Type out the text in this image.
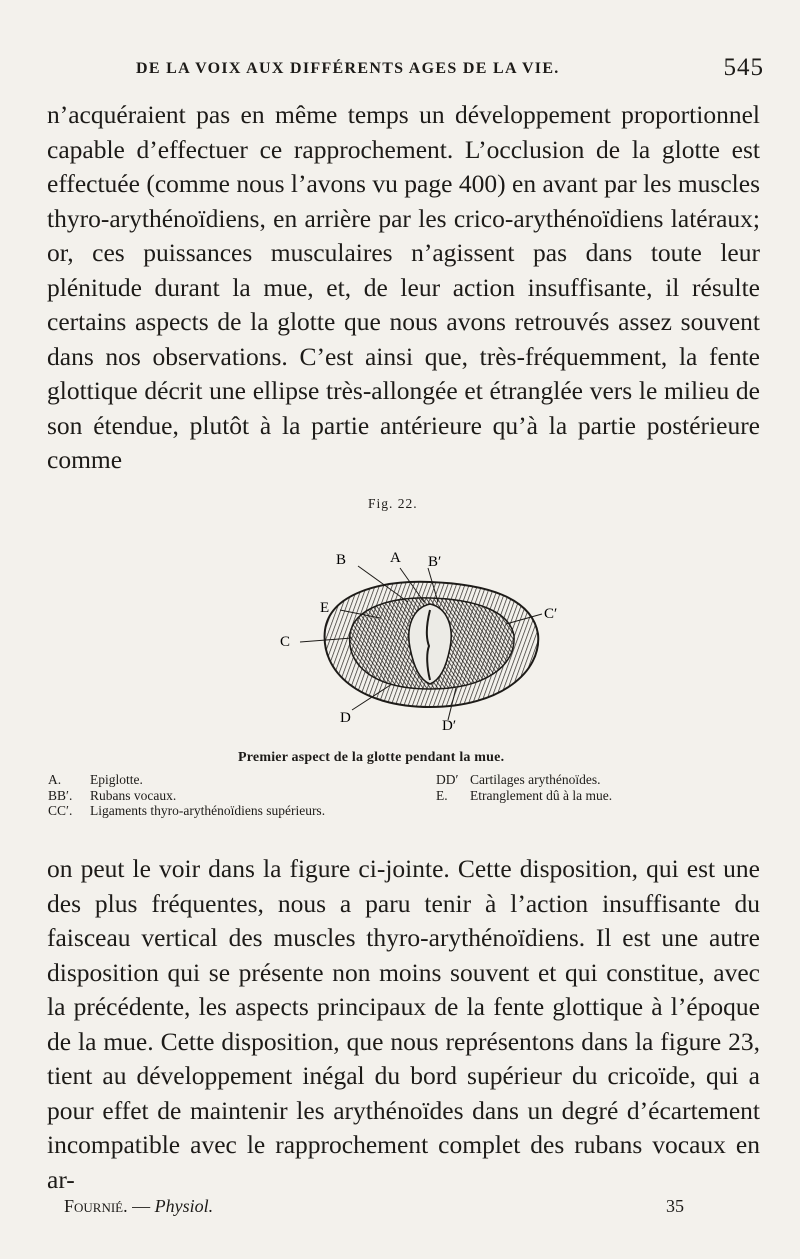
DE LA VOIX AUX DIFFÉRENTS AGES DE LA VIE.	545

n’acquéraient pas en même temps un développement proportionnel capable d’effectuer ce rapprochement. L’occlusion de la glotte est effectuée (comme nous l’avons vu page 400) en avant par les muscles thyro-arythénoïdiens, en arrière par les crico-arythénoïdiens latéraux; or, ces puissances musculaires n’agissent pas dans toute leur plénitude durant la mue, et, de leur action insuffisante, il résulte certains aspects de la glotte que nous avons retrouvés assez souvent dans nos observations. C’est ainsi que, très-fréquemment, la fente glottique décrit une ellipse très-allongée et étranglée vers le milieu de son étendue, plutôt à la partie antérieure qu’à la partie postérieure comme

Fig. 22.
B	A B′
E
C
C′
D	D′
Premier aspect de la glotte pendant la mue.
A.	Epiglotte.
BB′.	Rubans vocaux.
CC′.	Ligaments thyro-arythénoïdiens supérieurs.
DD′ Cartilages arythénoïdes.
E.	Etranglement dû à la mue.

on peut le voir dans la figure ci-jointe. Cette disposition, qui est une des plus fréquentes, nous a paru tenir à l’action insuffisante du faisceau vertical des muscles thyro-arythénoïdiens. Il est une autre disposition qui se présente non moins souvent et qui constitue, avec la précédente, les aspects principaux de la fente glottique à l’époque de la mue. Cette disposition, que nous représentons dans la figure 23, tient au développement inégal du bord supérieur du cricoïde, qui a pour effet de maintenir les arythénoïdes dans un degré d’écartement incompatible avec le rapprochement complet des rubans vocaux en ar-

Fournié. — Physiol.	35
